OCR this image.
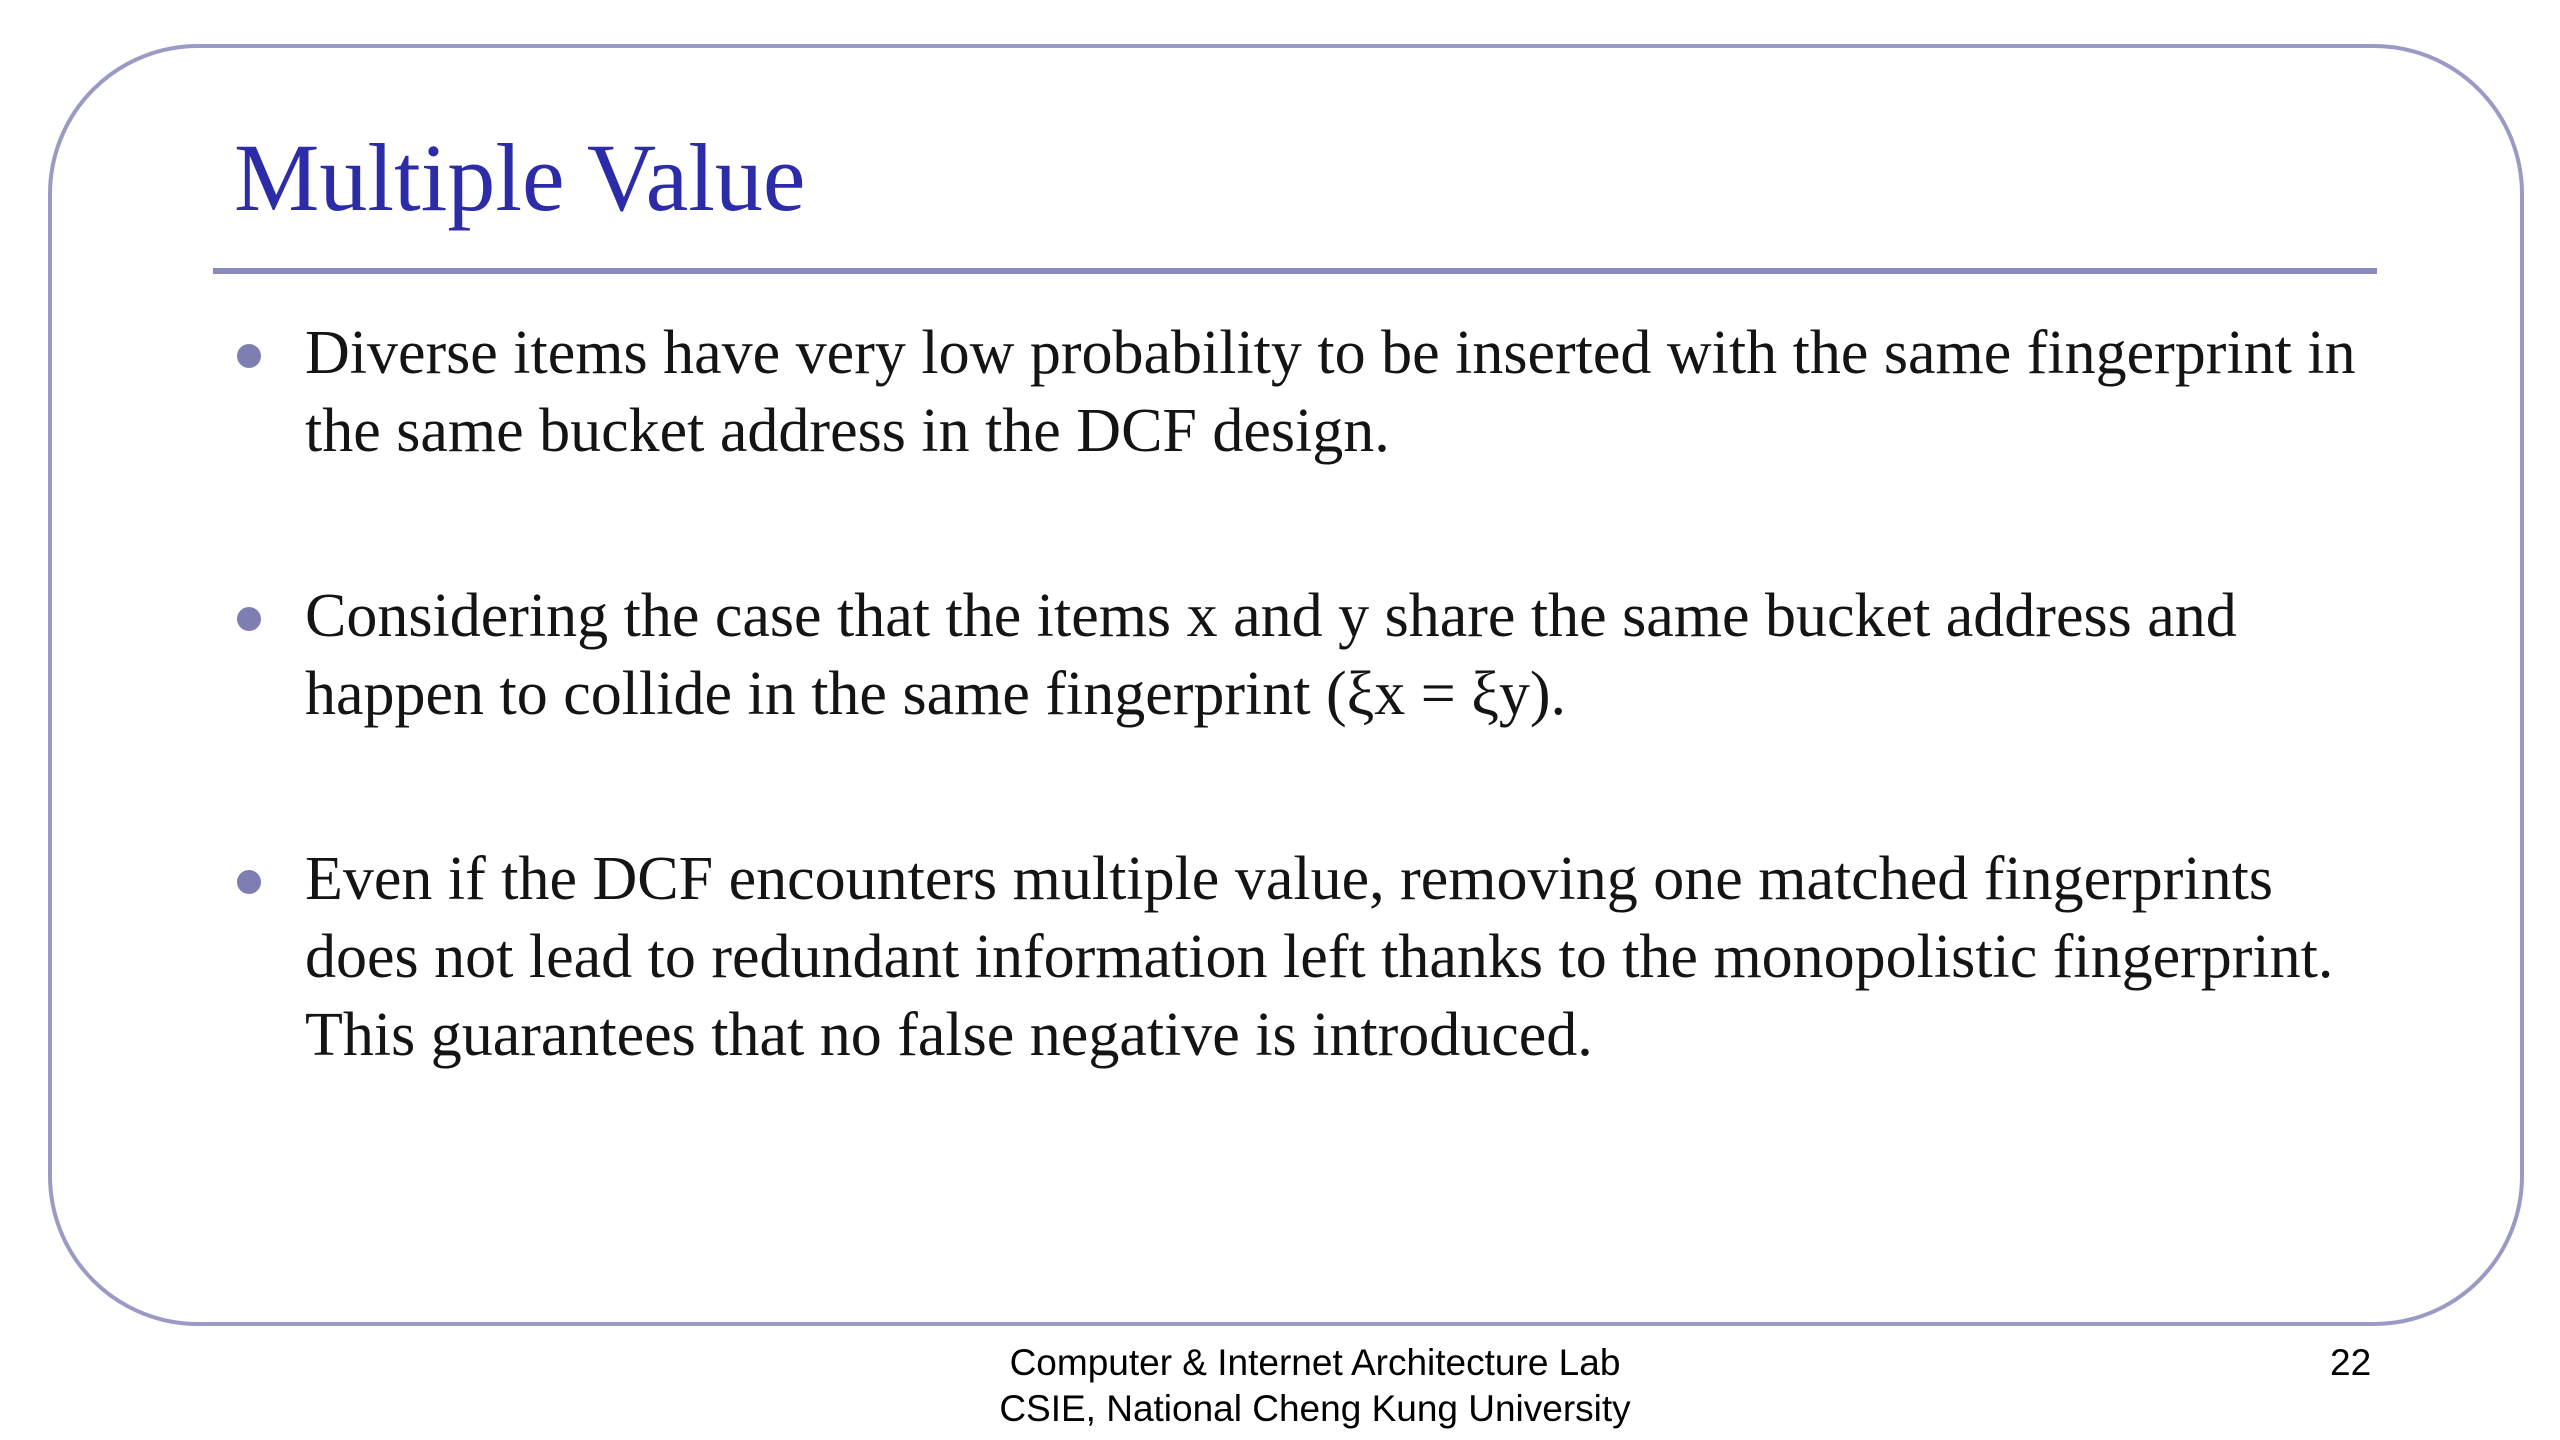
Multiple Value
Diverse items have very low probability to be inserted with the same fingerprint in the same bucket address in the DCF design.
Considering the case that the items x and y share the same bucket address and happen to collide in the same fingerprint (ξx = ξy).
Even if the DCF encounters multiple value, removing one matched fingerprints does not lead to redundant information left thanks to the monopolistic fingerprint. This guarantees that no false negative is introduced.
Computer & Internet Architecture Lab
CSIE, National Cheng Kung University
22
